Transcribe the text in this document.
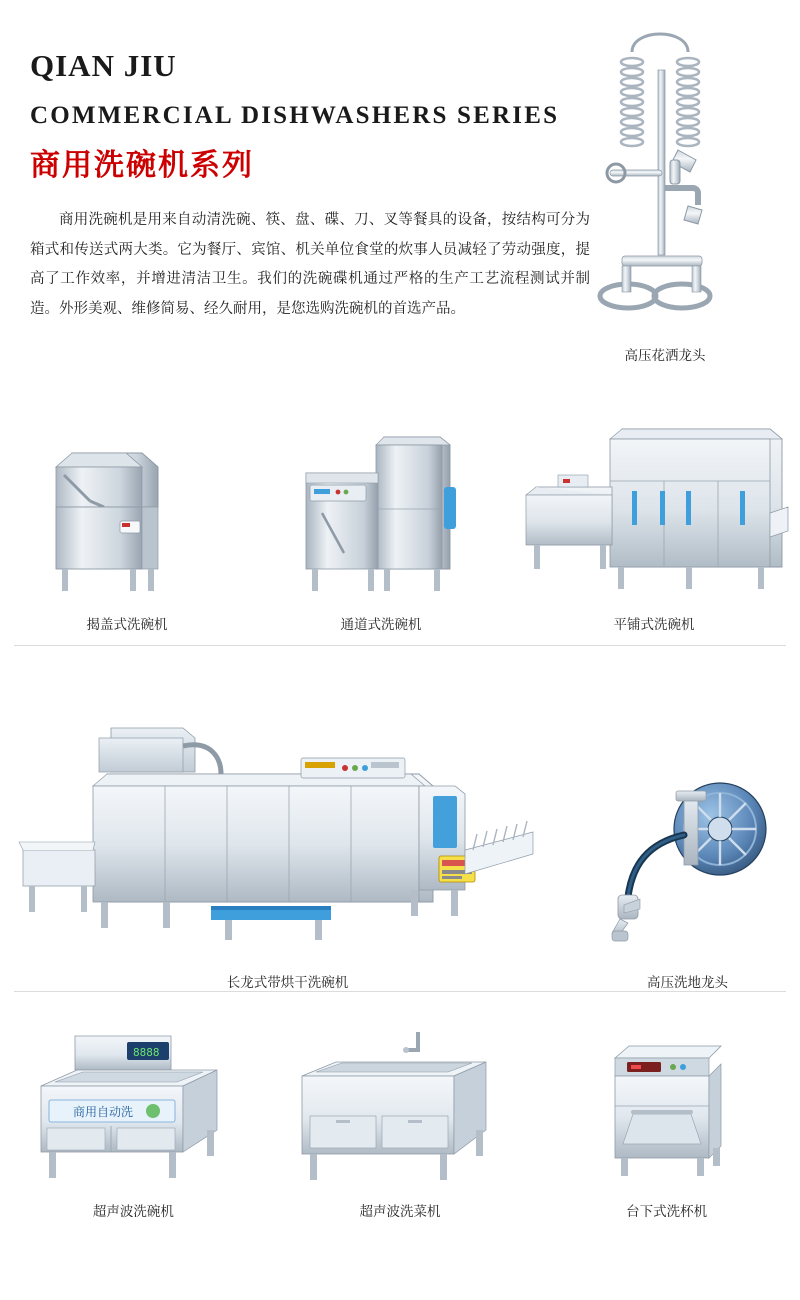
QIAN JIU
COMMERCIAL DISHWASHERS SERIES
商用洗碗机系列
商用洗碗机是用来自动清洗碗、筷、盘、碟、刀、叉等餐具的设备，按结构可分为箱式和传送式两大类。它为餐厅、宾馆、机关单位食堂的炊事人员减轻了劳动强度，提高了工作效率，并增进清洁卫生。我们的洗碗碟机通过严格的生产工艺流程测试并制造。外形美观、维修简易、经久耐用，是您选购洗碗机的首选产品。
高压花洒龙头
揭盖式洗碗机	通道式洗碗机	平铺式洗碗机
长龙式带烘干洗碗机	高压洗地龙头
8888
商用自动洗
超声波洗碗机	超声波洗菜机	台下式洗杯机
